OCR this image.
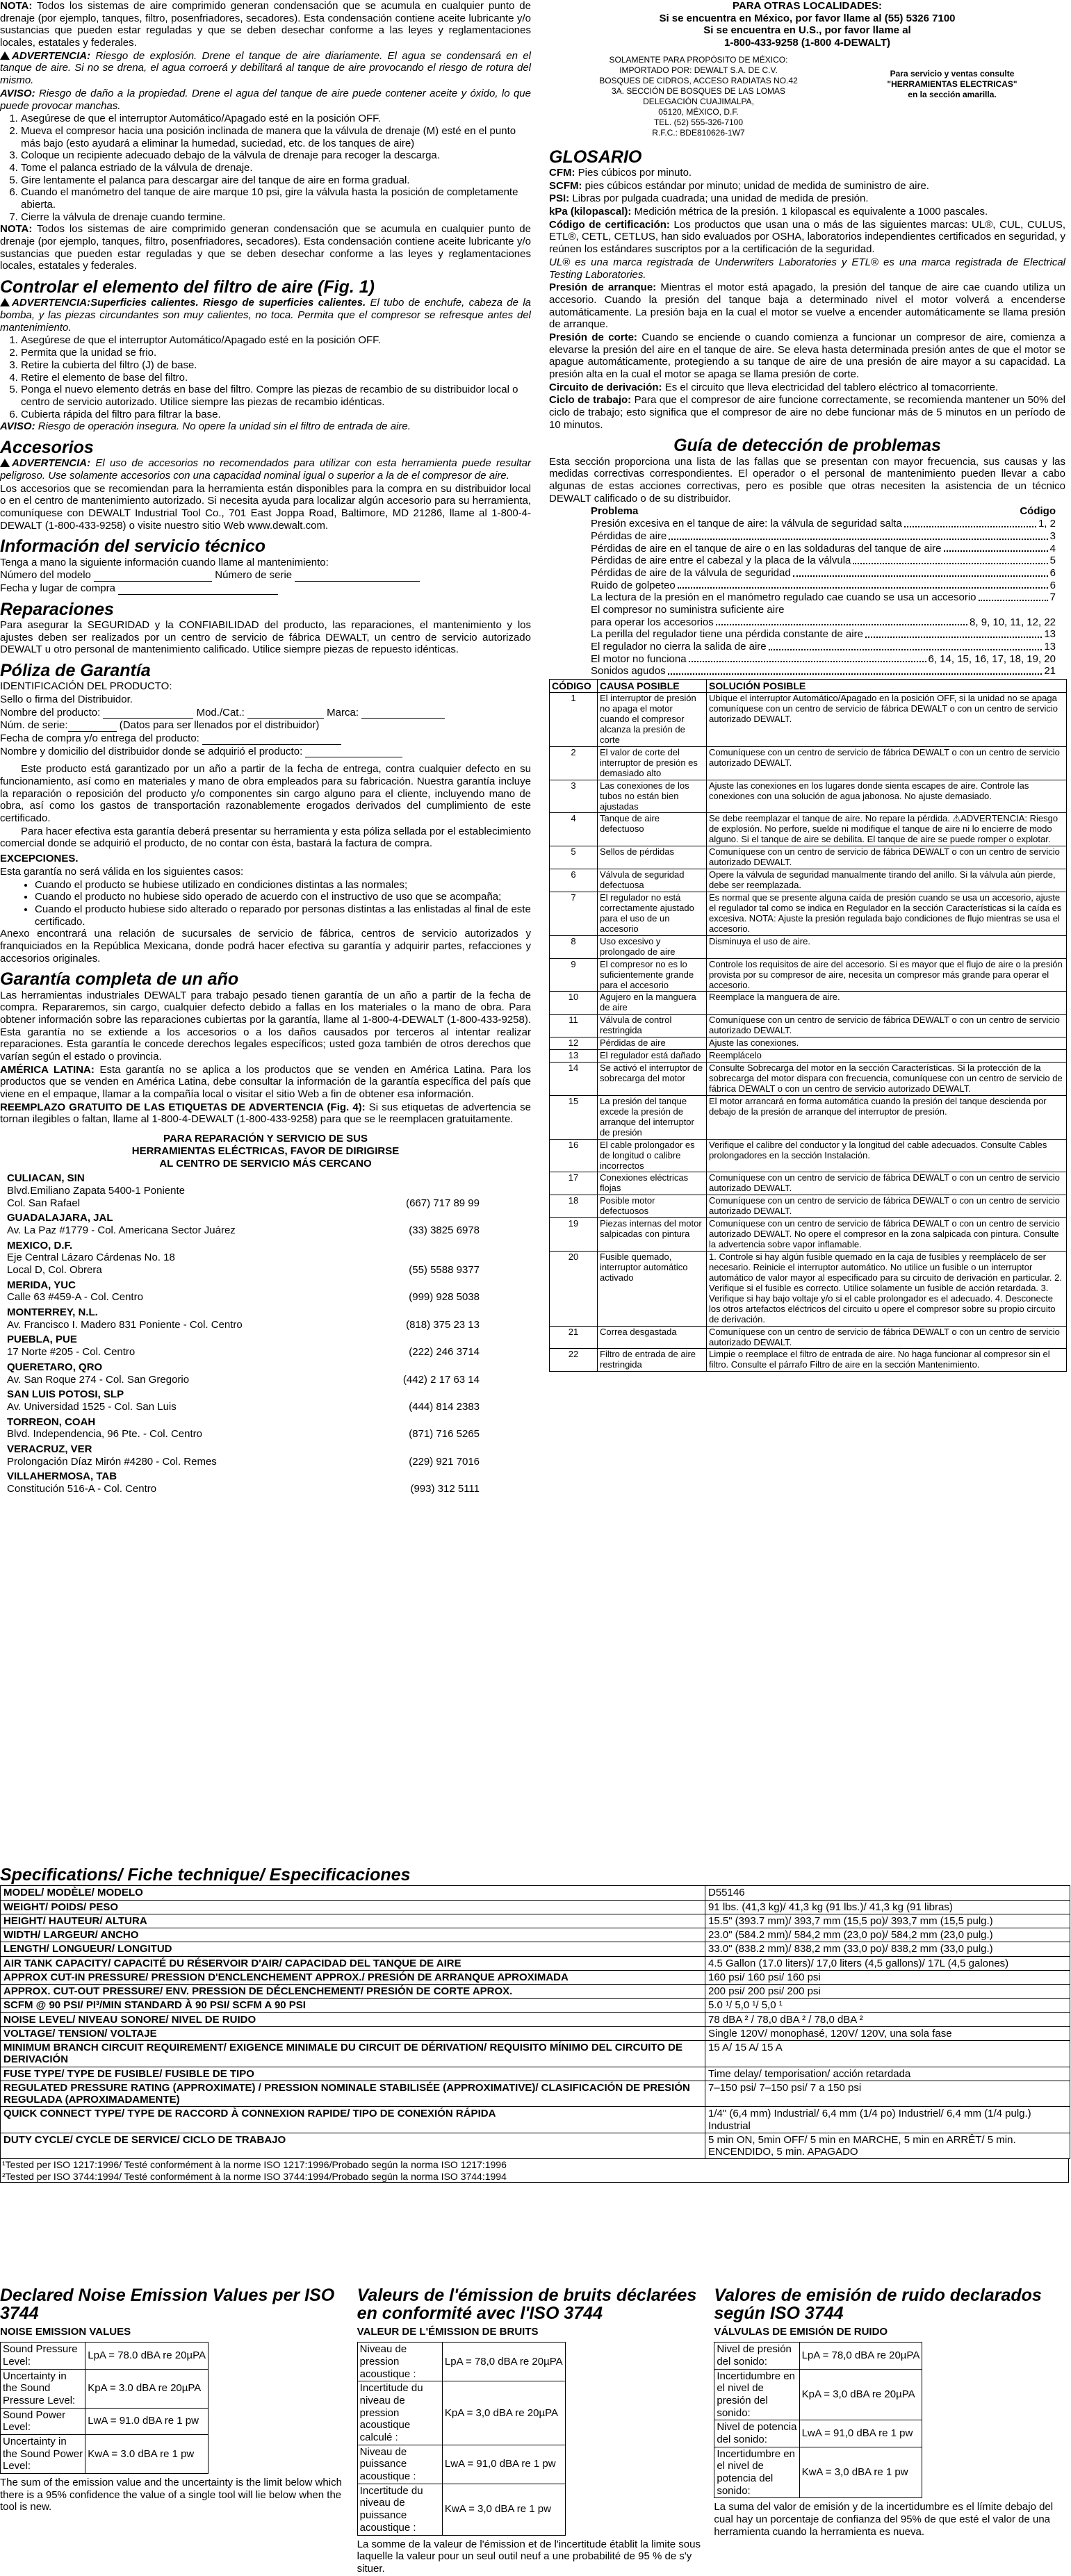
NOTA: Todos los sistemas de aire comprimido generan condensación que se acumula en cualquier punto de drenaje (por ejemplo, tanques, filtro, posenfriadores, secadores). Esta condensación contiene aceite lubricante y/o sustancias que pueden estar reguladas y que se deben desechar conforme a las leyes y reglamentaciones locales, estatales y federales.

ADVERTENCIA: Riesgo de explosión. Drene el tanque de aire diariamente. El agua se condensará en el tanque de aire. Si no se drena, el agua corroerá y debilitará al tanque de aire provocando el riesgo de rotura del mismo.

AVISO: Riesgo de daño a la propiedad. Drene el agua del tanque de aire puede contener aceite y óxido, lo que puede provocar manchas.

1. Asegúrese de que el interruptor Automático/Apagado esté en la posición OFF.
2. Mueva el compresor hacia una posición inclinada de manera que la válvula de drenaje (M) esté en el punto más bajo (esto ayudará a eliminar la humedad, suciedad, etc. de los tanques de aire)
3. Coloque un recipiente adecuado debajo de la válvula de drenaje para recoger la descarga.
4. Tome el palanca estriado de la válvula de drenaje.
5. Gire lentamente el palanca para descargar aire del tanque de aire en forma gradual.
6. Cuando el manómetro del tanque de aire marque 10 psi, gire la válvula hasta la posición de completamente abierta.
7. Cierre la válvula de drenaje cuando termine.

NOTA: Todos los sistemas de aire comprimido generan condensación que se acumula en cualquier punto de drenaje (por ejemplo, tanques, filtro, posenfriadores, secadores). Esta condensación contiene aceite lubricante y/o sustancias que pueden estar reguladas y que se deben desechar conforme a las leyes y reglamentaciones locales, estatales y federales.

Controlar el elemento del filtro de aire (Fig. 1)

ADVERTENCIA:Superficies calientes. Riesgo de superficies calientes. El tubo de enchufe, cabeza de la bomba, y las piezas circundantes son muy calientes, no toca. Permita que el compresor se refresque antes del mantenimiento.

1. Asegúrese de que el interruptor Automático/Apagado esté en la posición OFF.
2. Permita que la unidad se frio.
3. Retire la cubierta del filtro (J) de base.
4. Retire el elemento de base del filtro.
5. Ponga el nuevo elemento detrás en base del filtro. Compre las piezas de recambio de su distribuidor local o centro de servicio autorizado. Utilice siempre las piezas de recambio idénticas.
6. Cubierta rápida del filtro para filtrar la base.

AVISO: Riesgo de operación insegura. No opere la unidad sin el filtro de entrada de aire.

Accesorios

ADVERTENCIA: El uso de accesorios no recomendados para utilizar con esta herramienta puede resultar peligroso. Use solamente accesorios con una capacidad nominal igual o superior a la de el compresor de aire.

Los accesorios que se recomiendan para la herramienta están disponibles para la compra en su distribuidor local o en el centro de mantenimiento autorizado. Si necesita ayuda para localizar algún accesorio para su herramienta, comuníquese con DEWALT Industrial Tool Co., 701 East Joppa Road, Baltimore, MD 21286, llame al 1-800-4-DEWALT (1-800-433-9258) o visite nuestro sitio Web www.dewalt.com.

Información del servicio técnico

Tenga a mano la siguiente información cuando llame al mantenimiento:

Número del modelo	Número de serie

Fecha y lugar de compra

Reparaciones

Para asegurar la SEGURIDAD y la CONFIABILIDAD del producto, las reparaciones, el mantenimiento y los ajustes deben ser realizados por un centro de servicio de fábrica DEWALT, un centro de servicio autorizado DEWALT u otro personal de mantenimiento calificado. Utilice siempre piezas de repuesto idénticas.

Póliza de Garantía

IDENTIFICACIÓN DEL PRODUCTO:

Sello o firma del Distribuidor.

Nombre del producto:	Mod./Cat.:	Marca:

Núm. de serie:	(Datos para ser llenados por el distribuidor)

Fecha de compra y/o entrega del producto:

Nombre y domicilio del distribuidor donde se adquirió el producto:

Este producto está garantizado por un año a partir de la fecha de entrega, contra cualquier defecto en su funcionamiento, así como en materiales y mano de obra empleados para su fabricación. Nuestra garantía incluye la reparación o reposición del producto y/o componentes sin cargo alguno para el cliente, incluyendo mano de obra, así como los gastos de transportación razonablemente erogados derivados del cumplimiento de este certificado.

Para hacer efectiva esta garantía deberá presentar su herramienta y esta póliza sellada por el establecimiento comercial donde se adquirió el producto, de no contar con ésta, bastará la factura de compra.

EXCEPCIONES.

Esta garantía no será válida en los siguientes casos:

• Cuando el producto se hubiese utilizado en condiciones distintas a las normales;
• Cuando el producto no hubiese sido operado de acuerdo con el instructivo de uso que se acompaña;
• Cuando el producto hubiese sido alterado o reparado por personas distintas a las enlistadas al final de este certificado.

Anexo encontrará una relación de sucursales de servicio de fábrica, centros de servicio autorizados y franquiciados en la República Mexicana, donde podrá hacer efectiva su garantía y adquirir partes, refacciones y accesorios originales.

Garantía completa de un año

Las herramientas industriales DEWALT para trabajo pesado tienen garantía de un año a partir de la fecha de compra. Repararemos, sin cargo, cualquier defecto debido a fallas en los materiales o la mano de obra. Para obtener información sobre las reparaciones cubiertas por la garantía, llame al 1-800-4-DEWALT (1-800-433-9258). Esta garantía no se extiende a los accesorios o a los daños causados por terceros al intentar realizar reparaciones. Esta garantía le concede derechos legales específicos; usted goza también de otros derechos que varían según el estado o provincia.

AMÉRICA LATINA: Esta garantía no se aplica a los productos que se venden en América Latina. Para los productos que se venden en América Latina, debe consultar la información de la garantía específica del país que viene en el empaque, llamar a la compañía local o visitar el sitio Web a fin de obtener esa información.

REEMPLAZO GRATUITO DE LAS ETIQUETAS DE ADVERTENCIA (Fig. 4): Si sus etiquetas de advertencia se tornan ilegibles o faltan, llame al 1-800-4-DEWALT (1-800-433-9258) para que se le reemplacen gratuitamente.

PARA REPARACIÓN Y SERVICIO DE SUS
HERRAMIENTAS ELÉCTRICAS, FAVOR DE DIRIGIRSE
AL CENTRO DE SERVICIO MÁS CERCANO
CULIACAN, SIN
Blvd.Emiliano Zapata 5400-1 Poniente
Col. San Rafael	(667) 717 89 99
GUADALAJARA, JAL
Av. La Paz #1779 - Col. Americana Sector Juárez	(33) 3825 6978
MEXICO, D.F.
Eje Central Lázaro Cárdenas No. 18
Local D, Col. Obrera	(55) 5588 9377
MERIDA, YUC
Calle 63 #459-A - Col. Centro	(999) 928 5038
MONTERREY, N.L.
Av. Francisco I. Madero 831 Poniente - Col. Centro	(818) 375 23 13
PUEBLA, PUE
17 Norte #205 - Col. Centro	(222) 246 3714
QUERETARO, QRO
Av. San Roque 274 - Col. San Gregorio	(442) 2 17 63 14
SAN LUIS POTOSI, SLP
Av. Universidad 1525 - Col. San Luis	(444) 814 2383
TORREON, COAH
Blvd. Independencia, 96 Pte. - Col. Centro	(871) 716 5265
VERACRUZ, VER
Prolongación Díaz Mirón #4280 - Col. Remes	(229) 921 7016
VILLAHERMOSA, TAB
Constitución 516-A - Col. Centro	(993) 312 5111
PARA OTRAS LOCALIDADES:
Si se encuentra en México, por favor llame al (55) 5326 7100
Si se encuentra en U.S., por favor llame al
1-800-433-9258 (1-800 4-DEWALT)
SOLAMENTE PARA PROPÓSITO DE MÉXICO:
IMPORTADO POR: DEWALT S.A. DE C.V.
BOSQUES DE CIDROS, ACCESO RADIATAS NO.42
3A. SECCIÓN DE BOSQUES DE LAS LOMAS
DELEGACIÓN CUAJIMALPA,
05120, MÉXICO, D.F.
TEL. (52) 555-326-7100
R.F.C.: BDE810626-1W7
Para servicio y ventas consulte
"HERRAMIENTAS ELECTRICAS"
en la sección amarilla.
GLOSARIO

CFM: Pies cúbicos por minuto.

SCFM: pies cúbicos estándar por minuto; unidad de medida de suministro de aire.

PSI: Libras por pulgada cuadrada; una unidad de medida de presión.

kPa (kilopascal): Medición métrica de la presión. 1 kilopascal es equivalente a 1000 pascales.

Código de certificación: Los productos que usan una o más de las siguientes marcas: UL®, CUL, CULUS, ETL®, CETL, CETLUS, han sido evaluados por OSHA, laboratorios independientes certificados en seguridad, y reúnen los estándares suscriptos por a la certificación de la seguridad.

UL® es una marca registrada de Underwriters Laboratories y ETL® es una marca registrada de Electrical Testing Laboratories.

Presión de arranque: Mientras el motor está apagado, la presión del tanque de aire cae cuando utiliza un accesorio. Cuando la presión del tanque baja a determinado nivel el motor volverá a encenderse automáticamente. La presión baja en la cual el motor se vuelve a encender automáticamente se llama presión de arranque.

Presión de corte: Cuando se enciende o cuando comienza a funcionar un compresor de aire, comienza a elevarse la presión del aire en el tanque de aire. Se eleva hasta determinada presión antes de que el motor se apague automáticamente, protegiendo a su tanque de aire de una presión de aire mayor a su capacidad. La presión alta en la cual el motor se apaga se llama presión de corte.

Circuito de derivación: Es el circuito que lleva electricidad del tablero eléctrico al tomacorriente.

Ciclo de trabajo: Para que el compresor de aire funcione correctamente, se recomienda mantener un 50% del ciclo de trabajo; esto significa que el compresor de aire no debe funcionar más de 5 minutos en un período de 10 minutos.

Guía de detección de problemas

Esta sección proporciona una lista de las fallas que se presentan con mayor frecuencia, sus causas y las medidas correctivas correspondientes. El operador o el personal de mantenimiento pueden llevar a cabo algunas de estas acciones correctivas, pero es posible que otras necesiten la asistencia de un técnico DEWALT calificado o de su distribuidor.

Problema	Código
Presión excesiva en el tanque de aire: la válvula de seguridad salta	1, 2
Pérdidas de aire	3
Pérdidas de aire en el tanque de aire o en las soldaduras del tanque de aire	4
Pérdidas de aire entre el cabezal y la placa de la válvula	5
Pérdidas de aire de la válvula de seguridad	6
Ruido de golpeteo	6
La lectura de la presión en el manómetro regulado cae cuando se usa un accesorio	7
El compresor no suministra suficiente aire
para operar los accesorios	8, 9, 10, 11, 12, 22
La perilla del regulador tiene una pérdida constante de aire	13
El regulador no cierra la salida de aire	13
El motor no funciona	6, 14, 15, 16, 17, 18, 19, 20
Sonidos agudos	21
CÓDIGO	CAUSA POSIBLE	SOLUCIÓN POSIBLE
1	El interruptor de presión no apaga el motor cuando el compresor alcanza la presión de corte	Ubique el interruptor Automático/Apagado en la posición OFF, si la unidad no se apaga comuníquese con un centro de servicio de fábrica DEWALT o con un centro de servicio autorizado DEWALT.
2	El valor de corte del interruptor de presión es demasiado alto	Comuníquese con un centro de servicio de fábrica DEWALT o con un centro de servicio autorizado DEWALT.
3	Las conexiones de los tubos no están bien ajustadas	Ajuste las conexiones en los lugares donde sienta escapes de aire. Controle las conexiones con una solución de agua jabonosa. No ajuste demasiado.
4	Tanque de aire defectuoso	Se debe reemplazar el tanque de aire. No repare la pérdida. ⚠ADVERTENCIA: Riesgo de explosión. No perfore, suelde ni modifique el tanque de aire ni lo encierre de modo alguno. Si el tanque de aire se debilita. El tanque de aire se puede romper o explotar.
5	Sellos de pérdidas	Comuníquese con un centro de servicio de fábrica DEWALT o con un centro de servicio autorizado DEWALT.
6	Válvula de seguridad defectuosa	Opere la válvula de seguridad manualmente tirando del anillo. Si la válvula aún pierde, debe ser reemplazada.
7	El regulador no está correctamente ajustado para el uso de un accesorio	Es normal que se presente alguna caída de presión cuando se usa un accesorio, ajuste el regulador tal como se indica en Regulador en la sección Características si la caída es excesiva. NOTA: Ajuste la presión regulada bajo condiciones de flujo mientras se usa el accesorio.
8	Uso excesivo y prolongado de aire	Disminuya el uso de aire.
9	El compresor no es lo suficientemente grande para el accesorio	Controle los requisitos de aire del accesorio. Si es mayor que el flujo de aire o la presión provista por su compresor de aire, necesita un compresor más grande para operar el accesorio.
10	Agujero en la manguera de aire	Reemplace la manguera de aire.
11	Válvula de control restringida	Comuníquese con un centro de servicio de fábrica DEWALT o con un centro de servicio autorizado DEWALT.
12	Pérdidas de aire	Ajuste las conexiones.
13	El regulador está dañado	Reemplácelo
14	Se activó el interruptor de sobrecarga del motor	Consulte Sobrecarga del motor en la sección Características. Si la protección de la sobrecarga del motor dispara con frecuencia, comuníquese con un centro de servicio de fábrica DEWALT o con un centro de servicio autorizado DEWALT.
15	La presión del tanque excede la presión de arranque del interruptor de presión	El motor arrancará en forma automática cuando la presión del tanque descienda por debajo de la presión de arranque del interruptor de presión.
16	El cable prolongador es de longitud o calibre incorrectos	Verifique el calibre del conductor y la longitud del cable adecuados. Consulte Cables prolongadores en la sección Instalación.
17	Conexiones eléctricas flojas	Comuníquese con un centro de servicio de fábrica DEWALT o con un centro de servicio autorizado DEWALT.
18	Posible motor defectuosos	Comuníquese con un centro de servicio de fábrica DEWALT o con un centro de servicio autorizado DEWALT.
19	Piezas internas del motor salpicadas con pintura	Comuníquese con un centro de servicio de fábrica DEWALT o con un centro de servicio autorizado DEWALT. No opere el compresor en la zona salpicada con pintura. Consulte la advertencia sobre vapor inflamable.
20	Fusible quemado, interruptor automático activado	1. Controle si hay algún fusible quemado en la caja de fusibles y reemplácelo de ser necesario. Reinicie el interruptor automático. No utilice un fusible o un interruptor automático de valor mayor al especificado para su circuito de derivación en particular. 2. Verifique si el fusible es correcto. Utilice solamente un fusible de acción retardada. 3. Verifique si hay bajo voltaje y/o si el cable prolongador es el adecuado. 4. Desconecte los otros artefactos eléctricos del circuito u opere el compresor sobre su propio circuito de derivación.
21	Correa desgastada	Comuníquese con un centro de servicio de fábrica DEWALT o con un centro de servicio autorizado DEWALT.
22	Filtro de entrada de aire restringida	Limpie o reemplace el filtro de entrada de aire. No haga funcionar al compresor sin el filtro. Consulte el párrafo Filtro de aire en la sección Mantenimiento.
Specifications/ Fiche technique/ Especificaciones
MODEL/ MODÈLE/ MODELO	D55146
WEIGHT/ POIDS/ PESO	91 lbs. (41,3 kg)/ 41,3 kg (91 lbs.)/ 41,3 kg (91 libras)
HEIGHT/ HAUTEUR/ ALTURA	15.5" (393.7 mm)/ 393,7 mm (15,5 po)/ 393,7 mm (15,5 pulg.)
WIDTH/ LARGEUR/ ANCHO	23.0" (584.2 mm)/ 584,2 mm (23,0 po)/ 584,2 mm (23,0 pulg.)
LENGTH/ LONGUEUR/ LONGITUD	33.0" (838.2 mm)/ 838,2 mm (33,0 po)/ 838,2 mm (33,0 pulg.)
AIR TANK CAPACITY/ CAPACITÉ DU RÉSERVOIR D'AIR/ CAPACIDAD DEL TANQUE DE AIRE	4.5 Gallon (17.0 liters)/ 17,0 liters (4,5 gallons)/ 17L (4,5 galones)
APPROX CUT-IN PRESSURE/ PRESSION D'ENCLENCHEMENT APPROX./ PRESIÓN DE ARRANQUE APROXIMADA	160 psi/ 160 psi/ 160 psi
APPROX. CUT-OUT PRESSURE/ ENV. PRESSION DE DÉCLENCHEMENT/ PRESIÓN DE CORTE APROX.	200 psi/ 200 psi/ 200 psi
SCFM @ 90 PSI/ PI³/MIN STANDARD À 90 PSI/ SCFM A 90 PSI	5.0 ¹/ 5,0 ¹/ 5,0 ¹
NOISE LEVEL/ NIVEAU SONORE/ NIVEL DE RUIDO	78 dBA ² / 78,0 dBA ² / 78,0 dBA ²
VOLTAGE/ TENSION/ VOLTAJE	Single 120V/ monophasé, 120V/ 120V, una sola fase
MINIMUM BRANCH CIRCUIT REQUIREMENT/ EXIGENCE MINIMALE DU CIRCUIT DE DÉRIVATION/ REQUISITO MÍNIMO DEL CIRCUITO DE DERIVACIÓN	15 A/ 15 A/ 15 A
FUSE TYPE/ TYPE DE FUSIBLE/ FUSIBLE DE TIPO	Time delay/ temporisation/ acción retardada
REGULATED PRESSURE RATING (APPROXIMATE) / PRESSION NOMINALE STABILISÉE (APPROXIMATIVE)/ CLASIFICACIÓN DE PRESIÓN REGULADA (APROXIMADAMENTE)	7–150 psi/ 7–150 psi/ 7 a 150 psi
QUICK CONNECT TYPE/ TYPE DE RACCORD À CONNEXION RAPIDE/ TIPO DE CONEXIÓN RÁPIDA	1/4" (6,4 mm) Industrial/ 6,4 mm (1/4 po) Industriel/ 6,4 mm (1/4 pulg.) Industrial
DUTY CYCLE/ CYCLE DE SERVICE/ CICLO DE TRABAJO	5 min ON, 5min OFF/ 5 min en MARCHE, 5 min en ARRÊT/ 5 min. ENCENDIDO, 5 min. APAGADO
¹Tested per ISO 1217:1996/ Testé conformément à la norme ISO 1217:1996/Probado según la norma ISO 1217:1996
²Tested per ISO 3744:1994/ Testé conformément à la norme ISO 3744:1994/Probado según la norma ISO 3744:1994
Declared Noise Emission Values per ISO 3744
NOISE EMISSION VALUES
Sound Pressure Level:	LpA = 78.0 dBA re 20µPA
Uncertainty in the Sound Pressure Level:	KpA = 3.0 dBA re 20µPA
Sound Power Level:	LwA = 91.0 dBA re 1 pw
Uncertainty in the Sound Power Level:	KwA = 3.0 dBA re 1 pw

The sum of the emission value and the uncertainty is the limit below which there is a 95% confidence the value of a single tool will lie below when the tool is new.

Valeurs de l'émission de bruits déclarées en conformité avec l'ISO 3744
VALEUR DE L'ÉMISSION DE BRUITS
Niveau de pression acoustique :	LpA = 78,0 dBA re 20µPA
Incertitude du niveau de pression acoustique calculé :	KpA = 3,0 dBA re 20µPA
Niveau de puissance acoustique :	LwA = 91,0 dBA re 1 pw
Incertitude du niveau de puissance acoustique :	KwA = 3,0 dBA re 1 pw

La somme de la valeur de l'émission et de l'incertitude établit la limite sous laquelle la valeur pour un seul outil neuf a une probabilité de 95 % de s'y situer.

Valores de emisión de ruido declarados según ISO 3744
VÁLVULAS DE EMISIÓN DE RUIDO
Nivel de presión del sonido:	LpA = 78,0 dBA re 20µPA
Incertidumbre en el nivel de presión del sonido:	KpA = 3,0 dBA re 20µPA
Nivel de potencia del sonido:	LwA = 91,0 dBA re 1 pw
Incertidumbre en el nivel de potencia del sonido:	KwA = 3,0 dBA re 1 pw

La suma del valor de emisión y de la incertidumbre es el límite debajo del cual hay un porcentaje de confianza del 95% de que esté el valor de una herramienta cuando la herramienta es nueva.
